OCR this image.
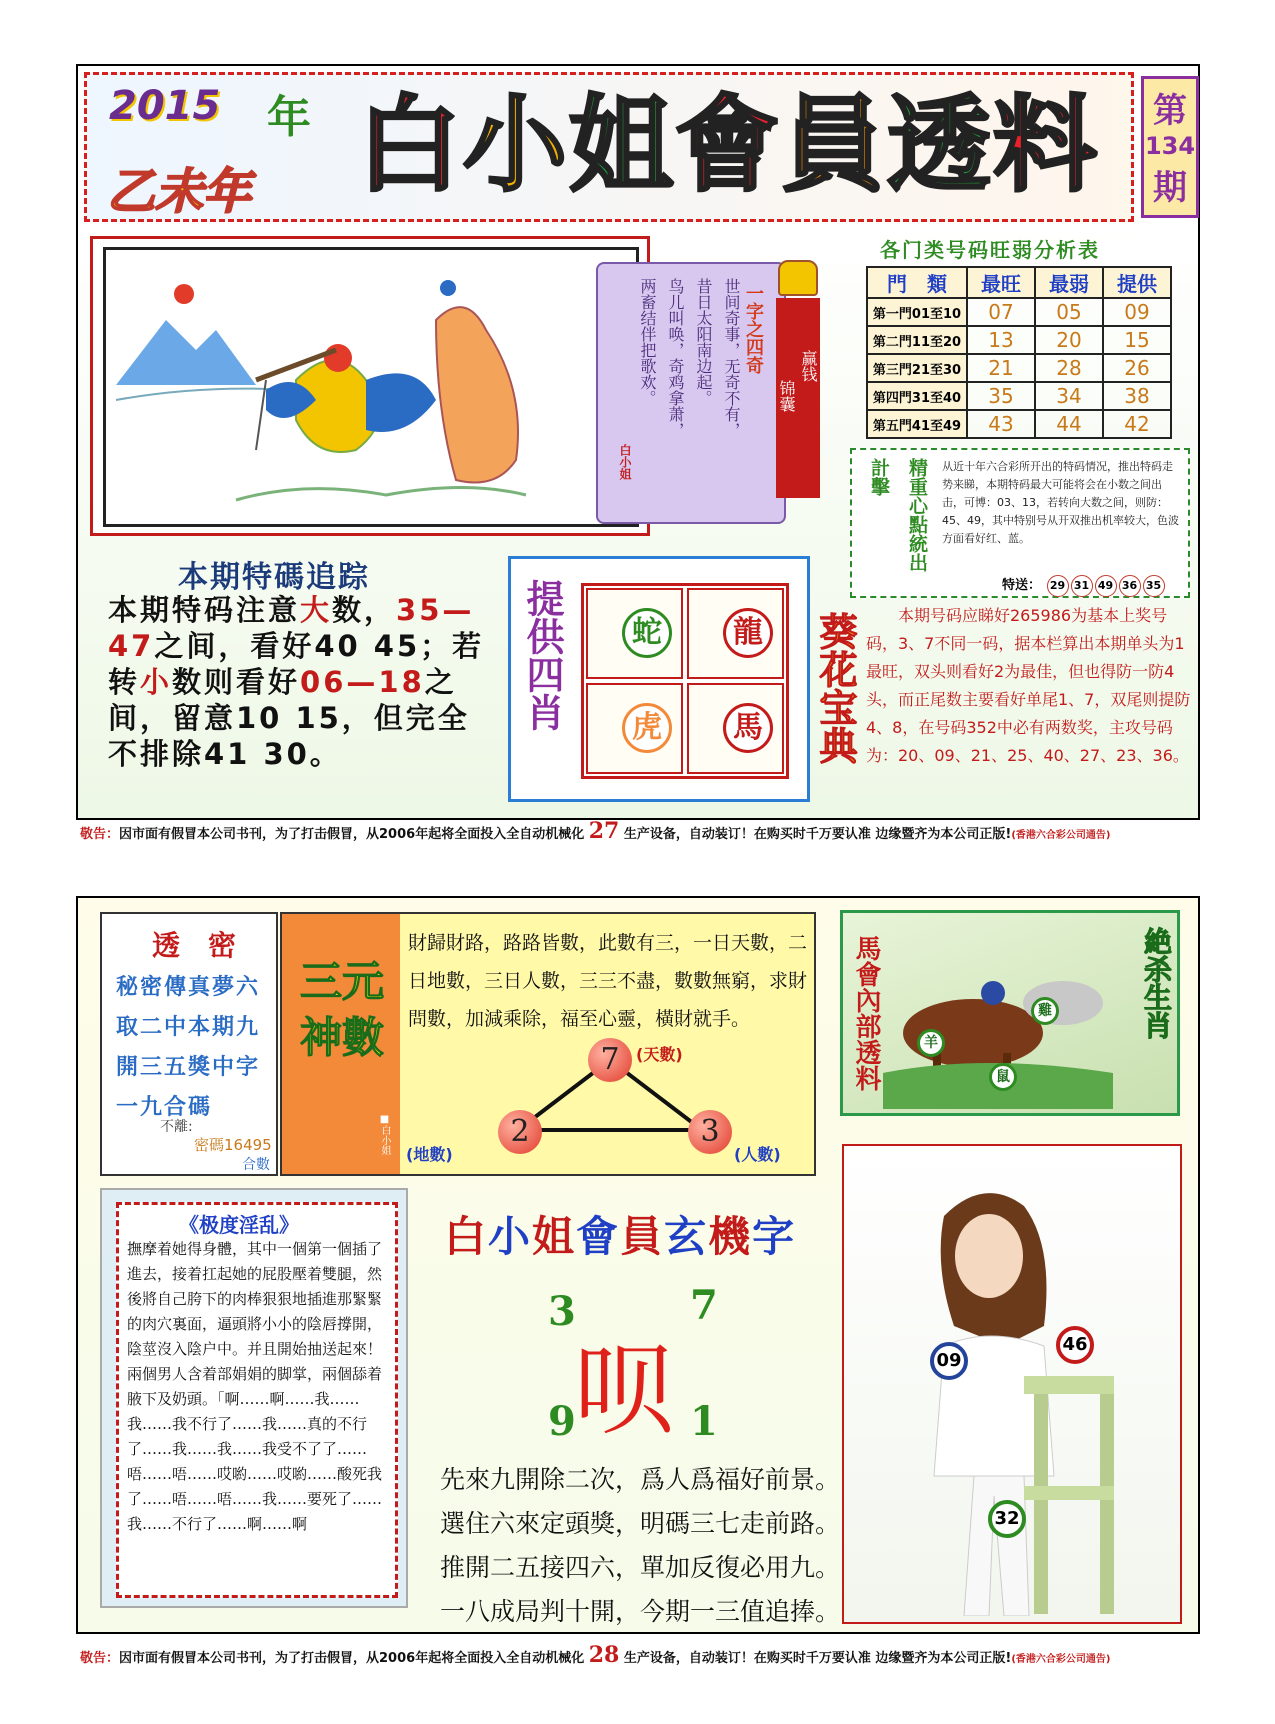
2015 年
乙未年 白 小 姐 會 員 透 料 第
134
期
一字之四奇
世间奇事，无奇不有，
昔日太阳南边起。
鸟儿叫唤，奇鸡拿萧，
两畜结伴把歌欢。
白小姐
锦囊
赢钱
各门类号码旺弱分析表
門　類	最旺	最弱	提供
第一門01至10	07	05	09
第二門11至20	13	20	15
第三門21至30	21	28	26
第四門31至40	35	34	38
第五門41至49	43	44	42
精重心點統出計擊	从近十年六合彩所开出的特码情况，推出特码走势来睇，本期特码最大可能将会在小数之间出击，可博：03、13，若转向大数之间，则防：45、49，其中特别号从开双推出机率较大，色波方面看好红、蓝。
特送： 29 31 49 36 35
本期特碼追踪
本期特码注意大数，35—47之间，看好40 45；若转小数则看好06—18之间，留意10 15，但完全不排除41 30。
提供四肖	蛇	龍
虎	馬 葵花宝典	本期号码应睇好265986为基本上奖号码，3、7不同一码，据本栏算出本期单头为1最旺，双头则看好2为最佳，但也得防一防4头，而正尾数主要看好单尾1、7，双尾则提防4、8，在号码352中必有两数奖，主攻号码为：20、09、21、25、40、27、23、36。
敬告：因市面有假冒本公司书刊，为了打击假冒，从2006年起将全面投入全自动机械化 27 生产设备，自动装订！在购买时千万要认准 边缘暨齐为本公司正版!(香港六合彩公司通告)
透　密
秘密傳真夢六取二中本期九開三五獎中字一九合碼
不離:
密碼16495
合數
三元神數
■白小姐
財歸財路，路路皆數，此數有三，一日天數，二日地數，三日人數，三三不盡，數數無窮，求財問數，加減乘除，福至心靈，橫財就手。
7	(天數)
2
(地數)
3
(人數)
馬會內部透料	絶杀生肖
羊
雞
鼠
《极度淫乱》
撫摩着她得身體，其中一個第一個插了進去，接着扛起她的屁股壓着雙腿，然後將自己胯下的肉棒狠狠地插進那緊緊的肉穴裏面，逼頭將小小的陰唇撐開，陰莖沒入陰户中。并且開始抽送起來！兩個男人含着部娟娟的脚掌，兩個舔着腋下及奶頭。「啊……啊……我……我……我不行了……我……真的不行了……我……我……我受不了了……唔……唔……哎喲……哎喲……酸死我了……唔……唔……我……要死了……我……不行了……啊……啊
白 小 姐 會 員 玄 機 字
3	7
呗
9	1
先來九開除二次，爲人爲福好前景。
選住六來定頭獎，明碼三七走前路。
推開二五接四六，單加反復必用九。
一八成局判十開，今期一三值追捧。
09
46
32
敬告：因市面有假冒本公司书刊，为了打击假冒，从2006年起将全面投入全自动机械化 28 生产设备，自动装订！在购买时千万要认准 边缘暨齐为本公司正版!(香港六合彩公司通告)
